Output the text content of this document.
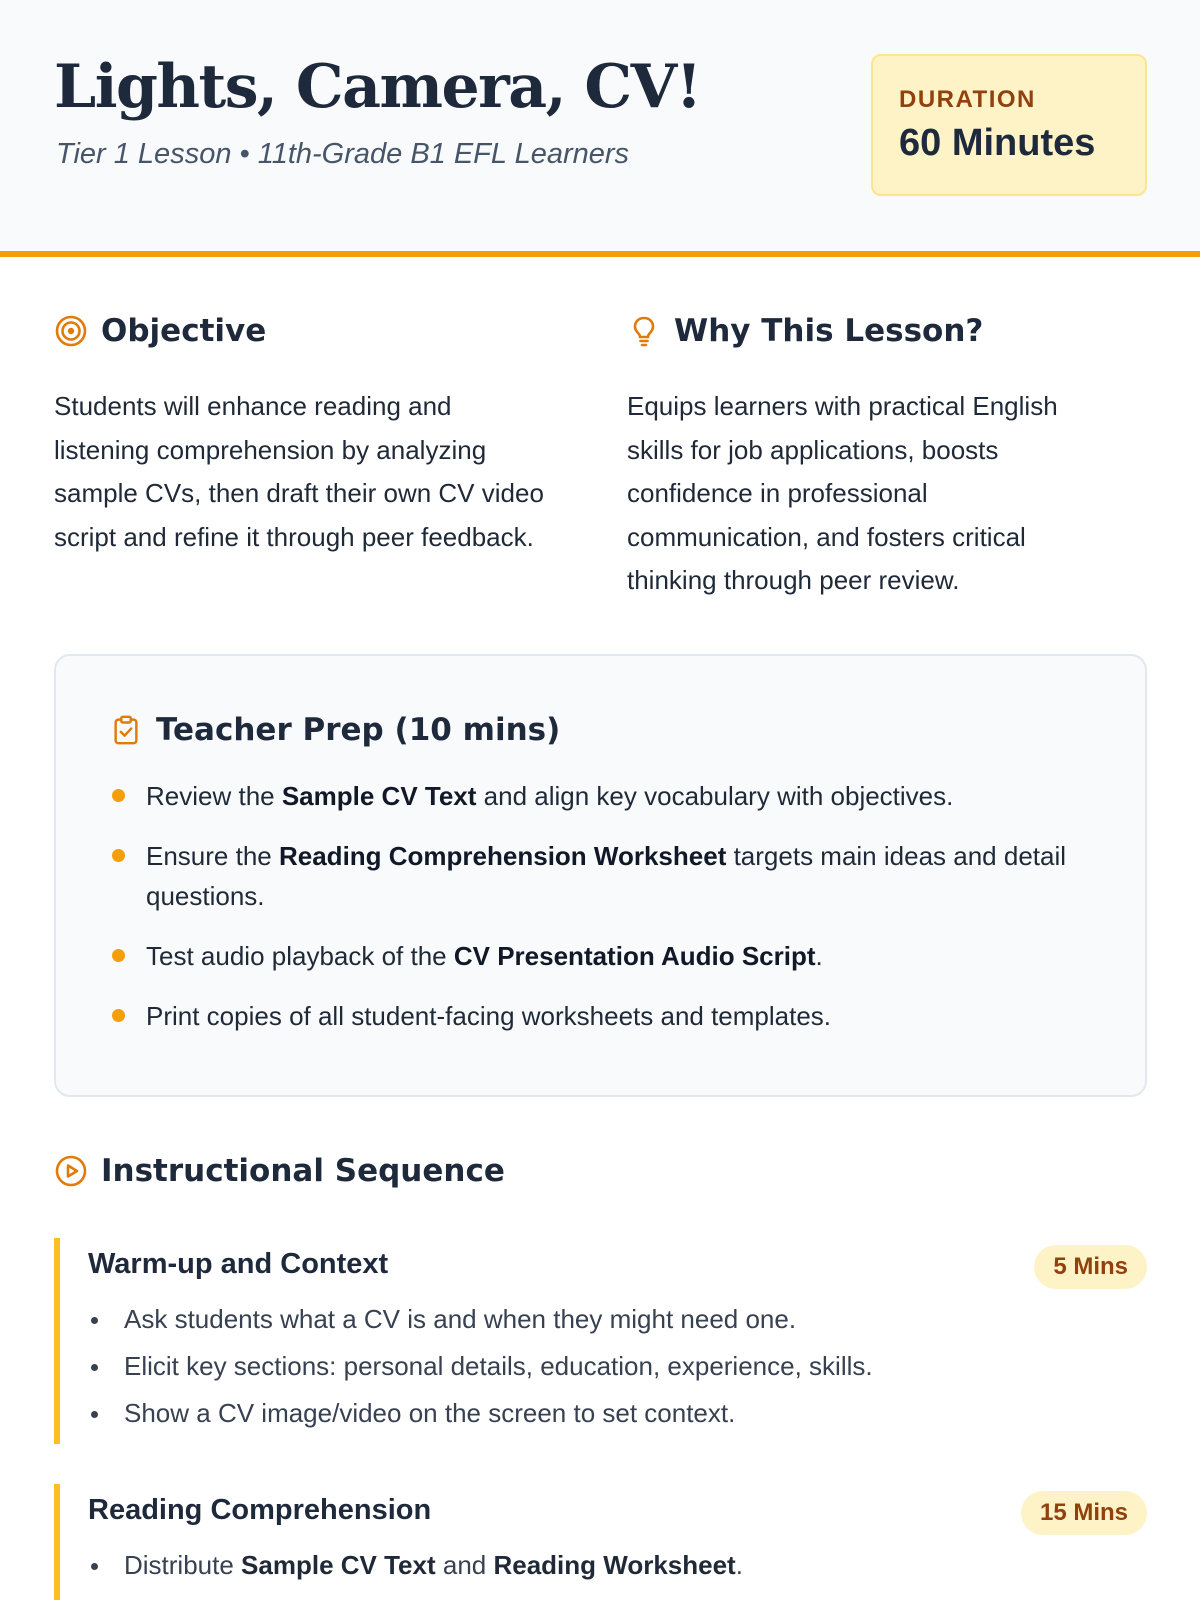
Lights, Camera, CV!
Tier 1 Lesson • 11th-Grade B1 EFL Learners
DURATION
60 Minutes
Objective

Students will enhance reading and listening comprehension by analyzing sample CVs, then draft their own CV video script and refine it through peer feedback.

Why This Lesson?

Equips learners with practical English skills for job applications, boosts confidence in professional communication, and fosters critical thinking through peer review.

Teacher Prep (10 mins)
Review the Sample CV Text and align key vocabulary with objectives.
Ensure the Reading Comprehension Worksheet targets main ideas and detail questions.
Test audio playback of the CV Presentation Audio Script.
Print copies of all student-facing worksheets and templates.
Instructional Sequence
Warm-up and Context	5 Mins
Ask students what a CV is and when they might need one.
Elicit key sections: personal details, education, experience, skills.
Show a CV image/video on the screen to set context.
Reading Comprehension	15 Mins
Distribute Sample CV Text and Reading Worksheet.
